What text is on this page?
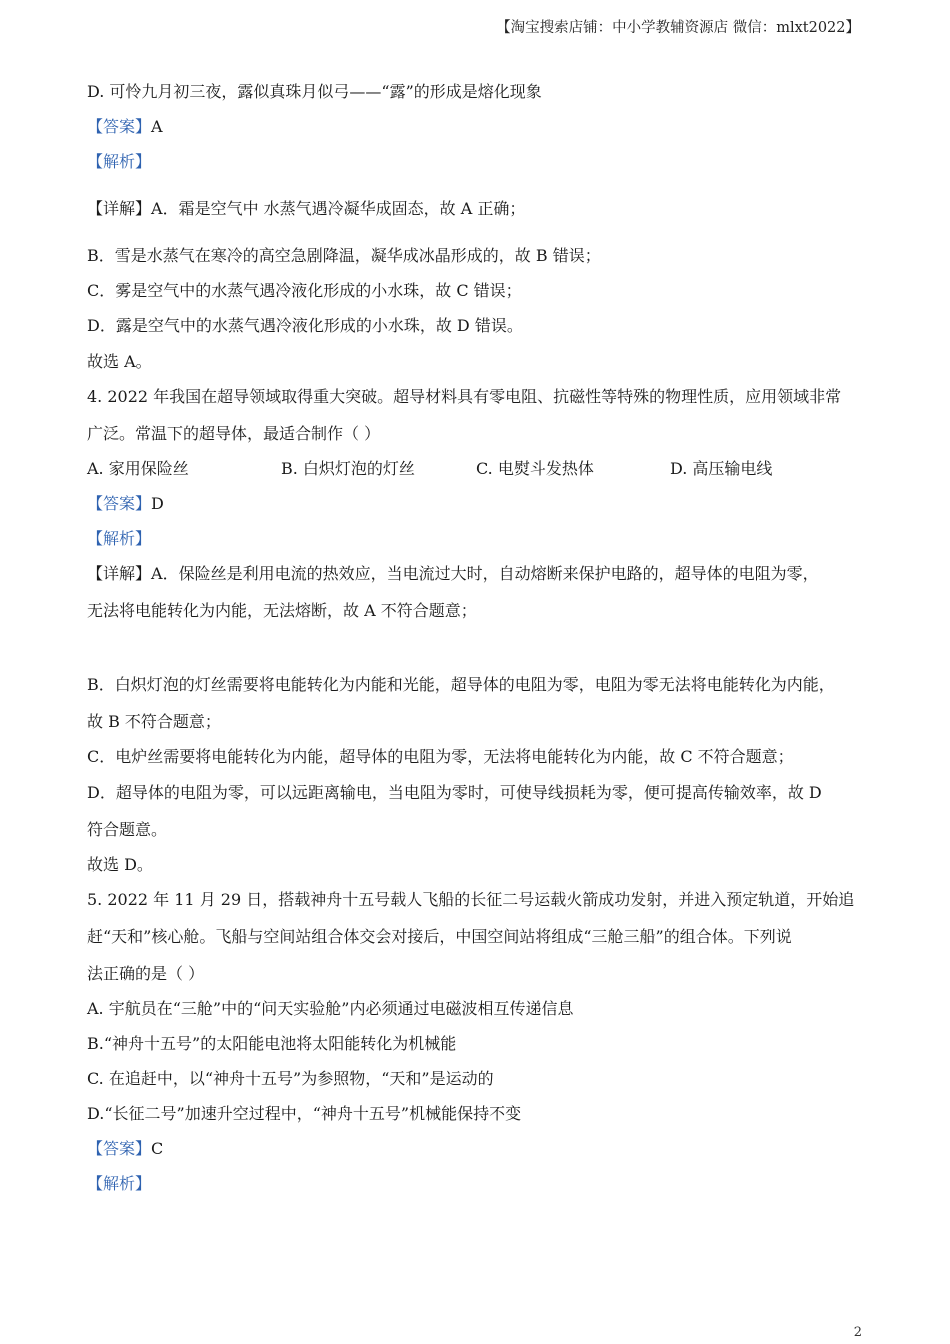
【淘宝搜索店铺：中小学教辅资源店 微信：mlxt2022】
D. 可怜九月初三夜，露似真珠月似弓——“露”的形成是熔化现象
【答案】A
【解析】
【详解】A．霜是空气中 水蒸气遇冷凝华成固态，故 A 正确；
B．雪是水蒸气在寒冷的高空急剧降温，凝华成冰晶形成的，故 B 错误；
C．雾是空气中的水蒸气遇冷液化形成的小水珠，故 C 错误；
D．露是空气中的水蒸气遇冷液化形成的小水珠，故 D 错误。
故选 A。
4. 2022 年我国在超导领域取得重大突破。超导材料具有零电阻、抗磁性等特殊的物理性质，应用领域非常
广泛。常温下的超导体，最适合制作（ ）
A. 家用保险丝	B. 白炽灯泡的灯丝	C. 电熨斗发热体	D. 高压输电线
【答案】D
【解析】
【详解】A．保险丝是利用电流的热效应，当电流过大时，自动熔断来保护电路的，超导体的电阻为零，
无法将电能转化为内能，无法熔断，故 A 不符合题意；
B．白炽灯泡的灯丝需要将电能转化为内能和光能，超导体的电阻为零，电阻为零无法将电能转化为内能，
故 B 不符合题意；
C．电炉丝需要将电能转化为内能，超导体的电阻为零，无法将电能转化为内能，故 C 不符合题意；
D．超导体的电阻为零，可以远距离输电，当电阻为零时，可使导线损耗为零，便可提高传输效率，故 D
符合题意。
故选 D。
5. 2022 年 11 月 29 日，搭载神舟十五号载人飞船的长征二号运载火箭成功发射，并进入预定轨道，开始追
赶“天和”核心舱。飞船与空间站组合体交会对接后，中国空间站将组成“三舱三船”的组合体。下列说
法正确的是（ ）
A. 宇航员在“三舱”中的“问天实验舱”内必须通过电磁波相互传递信息
B.“神舟十五号”的太阳能电池将太阳能转化为机械能
C. 在追赶中，以“神舟十五号”为参照物，“天和”是运动的
D.“长征二号”加速升空过程中，“神舟十五号”机械能保持不变
【答案】C
【解析】
2
